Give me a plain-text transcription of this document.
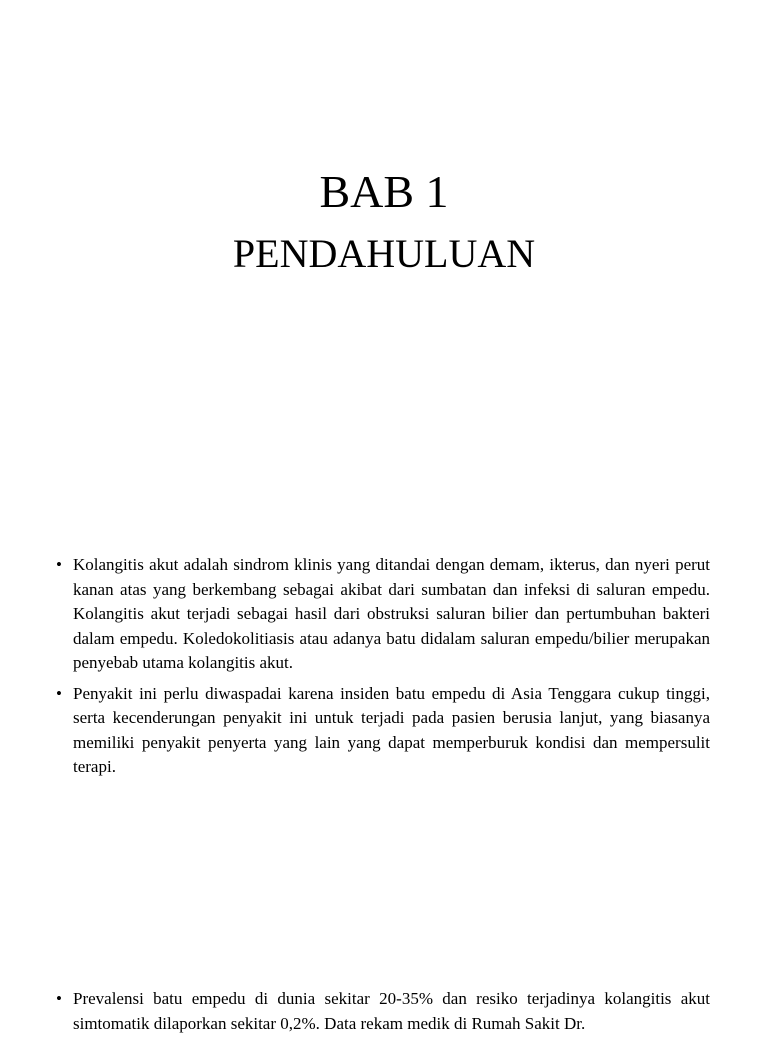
BAB 1
PENDAHULUAN
• Kolangitis akut adalah sindrom klinis yang ditandai dengan demam, ikterus, dan nyeri perut kanan atas yang berkembang sebagai akibat dari sumbatan dan infeksi di saluran empedu. Kolangitis akut terjadi sebagai hasil dari obstruksi saluran bilier dan pertumbuhan bakteri dalam empedu. Koledokolitiasis atau adanya batu didalam saluran empedu/bilier merupakan penyebab utama kolangitis akut.
• Penyakit ini perlu diwaspadai karena insiden batu empedu di Asia Tenggara cukup tinggi, serta kecenderungan penyakit ini untuk terjadi pada pasien berusia lanjut, yang biasanya memiliki penyakit penyerta yang lain yang dapat memperburuk kondisi dan mempersulit terapi.
• Prevalensi batu empedu di dunia sekitar 20-35% dan resiko terjadinya kolangitis akut simtomatik dilaporkan sekitar 0,2%. Data rekam medik di Rumah Sakit Dr.
